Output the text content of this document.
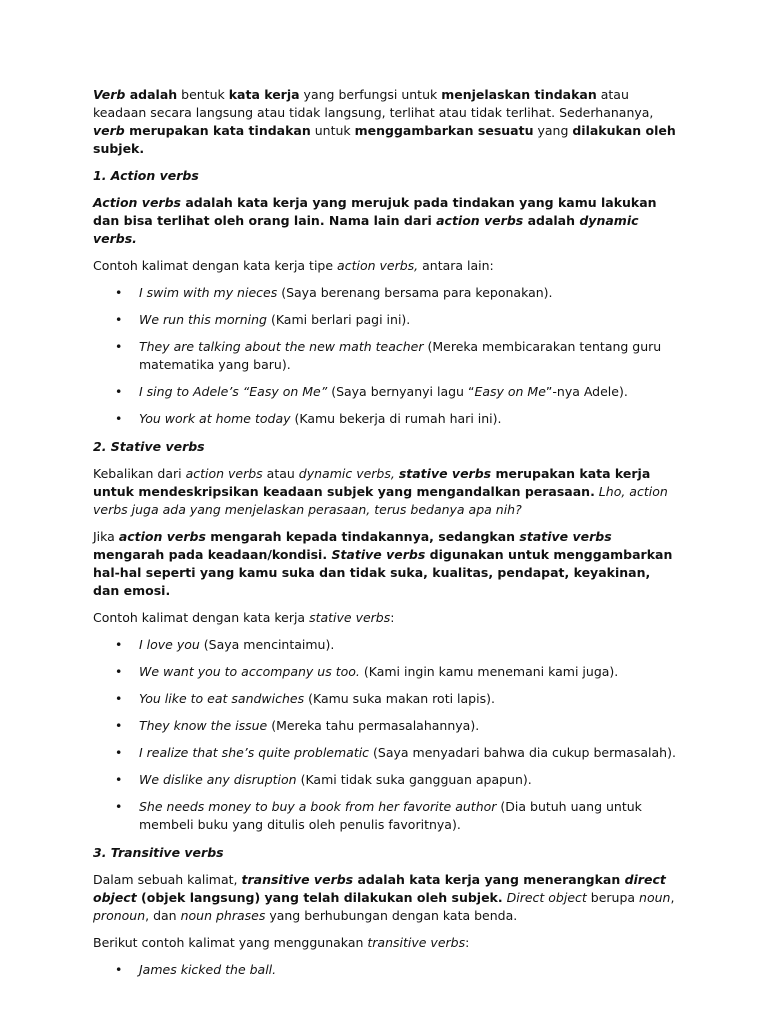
Verb adalah bentuk kata kerja yang berfungsi untuk menjelaskan tindakan atau keadaan secara langsung atau tidak langsung, terlihat atau tidak terlihat. Sederhananya, verb merupakan kata tindakan untuk menggambarkan sesuatu yang dilakukan oleh subjek.

1. Action verbs

Action verbs adalah kata kerja yang merujuk pada tindakan yang kamu lakukan dan bisa terlihat oleh orang lain. Nama lain dari action verbs adalah dynamic verbs.

Contoh kalimat dengan kata kerja tipe action verbs, antara lain:

• I swim with my nieces (Saya berenang bersama para keponakan).
• We run this morning (Kami berlari pagi ini).
• They are talking about the new math teacher (Mereka membicarakan tentang guru matematika yang baru).
• I sing to Adele’s “Easy on Me” (Saya bernyanyi lagu “Easy on Me”-nya Adele).
• You work at home today (Kamu bekerja di rumah hari ini).

2. Stative verbs

Kebalikan dari action verbs atau dynamic verbs, stative verbs merupakan kata kerja untuk mendeskripsikan keadaan subjek yang mengandalkan perasaan. Lho, action verbs juga ada yang menjelaskan perasaan, terus bedanya apa nih?

Jika action verbs mengarah kepada tindakannya, sedangkan stative verbs mengarah pada keadaan/kondisi. Stative verbs digunakan untuk menggambarkan hal-hal seperti yang kamu suka dan tidak suka, kualitas, pendapat, keyakinan, dan emosi.

Contoh kalimat dengan kata kerja stative verbs:

• I love you (Saya mencintaimu).
• We want you to accompany us too. (Kami ingin kamu menemani kami juga).
• You like to eat sandwiches (Kamu suka makan roti lapis).
• They know the issue (Mereka tahu permasalahannya).
• I realize that she’s quite problematic (Saya menyadari bahwa dia cukup bermasalah).
• We dislike any disruption (Kami tidak suka gangguan apapun).
• She needs money to buy a book from her favorite author (Dia butuh uang untuk membeli buku yang ditulis oleh penulis favoritnya).

3. Transitive verbs

Dalam sebuah kalimat, transitive verbs adalah kata kerja yang menerangkan direct object (objek langsung) yang telah dilakukan oleh subjek. Direct object berupa noun, pronoun, dan noun phrases yang berhubungan dengan kata benda.

Berikut contoh kalimat yang menggunakan transitive verbs:

• James kicked the ball.
